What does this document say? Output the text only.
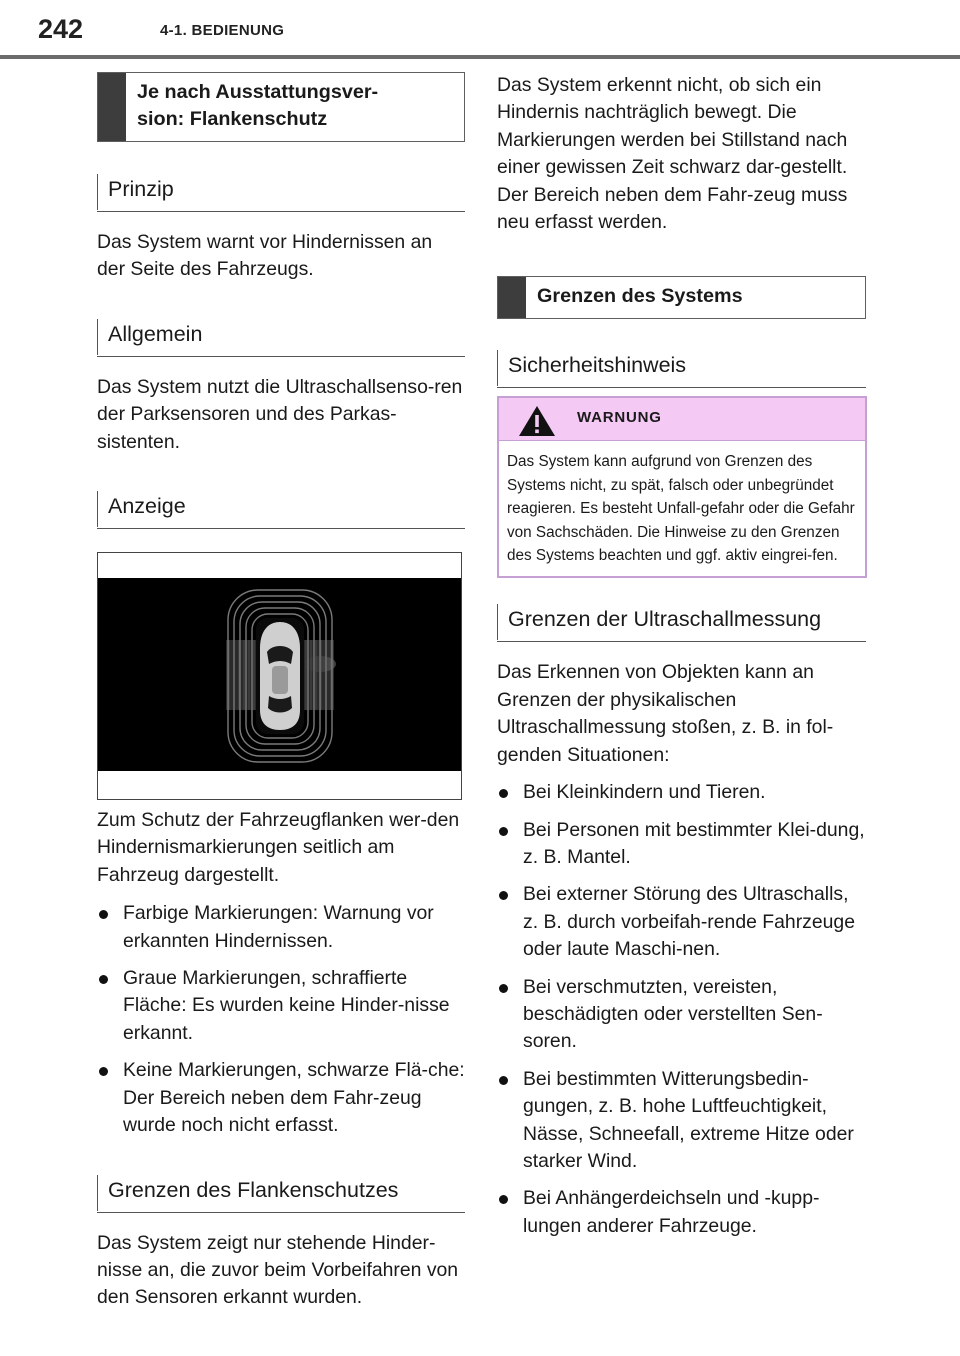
242	4-1. BEDIENUNG
Je nach Ausstattungsver-
sion: Flankenschutz
Prinzip

Das System warnt vor Hindernissen an der Seite des Fahrzeugs.

Allgemein

Das System nutzt die Ultraschallsenso-ren der Parksensoren und des Parkas-sistenten.

Anzeige

Zum Schutz der Fahrzeugflanken wer-den Hindernismarkierungen seitlich am Fahrzeug dargestellt.

Farbige Markierungen: Warnung vor erkannten Hindernissen.
Graue Markierungen, schraffierte Fläche: Es wurden keine Hinder-nisse erkannt.
Keine Markierungen, schwarze Flä-che: Der Bereich neben dem Fahr-zeug wurde noch nicht erfasst.
Grenzen des Flankenschutzes

Das System zeigt nur stehende Hinder-nisse an, die zuvor beim Vorbeifahren von den Sensoren erkannt wurden.

Das System erkennt nicht, ob sich ein Hindernis nachträglich bewegt. Die Markierungen werden bei Stillstand nach einer gewissen Zeit schwarz dar-gestellt. Der Bereich neben dem Fahr-zeug muss neu erfasst werden.

Grenzen des Systems
Sicherheitshinweis
WARNUNG
Das System kann aufgrund von Grenzen des Systems nicht, zu spät, falsch oder unbegründet reagieren. Es besteht Unfall-gefahr oder die Gefahr von Sachschäden. Die Hinweise zu den Grenzen des Systems beachten und ggf. aktiv eingrei-fen.
Grenzen der Ultraschallmessung

Das Erkennen von Objekten kann an Grenzen der physikalischen Ultraschallmessung stoßen, z. B. in fol-genden Situationen:

Bei Kleinkindern und Tieren.
Bei Personen mit bestimmter Klei-dung, z. B. Mantel.
Bei externer Störung des Ultraschalls, z. B. durch vorbeifah-rende Fahrzeuge oder laute Maschi-nen.
Bei verschmutzten, vereisten, beschädigten oder verstellten Sen-soren.
Bei bestimmten Witterungsbedin-gungen, z. B. hohe Luftfeuchtigkeit, Nässe, Schneefall, extreme Hitze oder starker Wind.
Bei Anhängerdeichseln und -kupp-lungen anderer Fahrzeuge.
